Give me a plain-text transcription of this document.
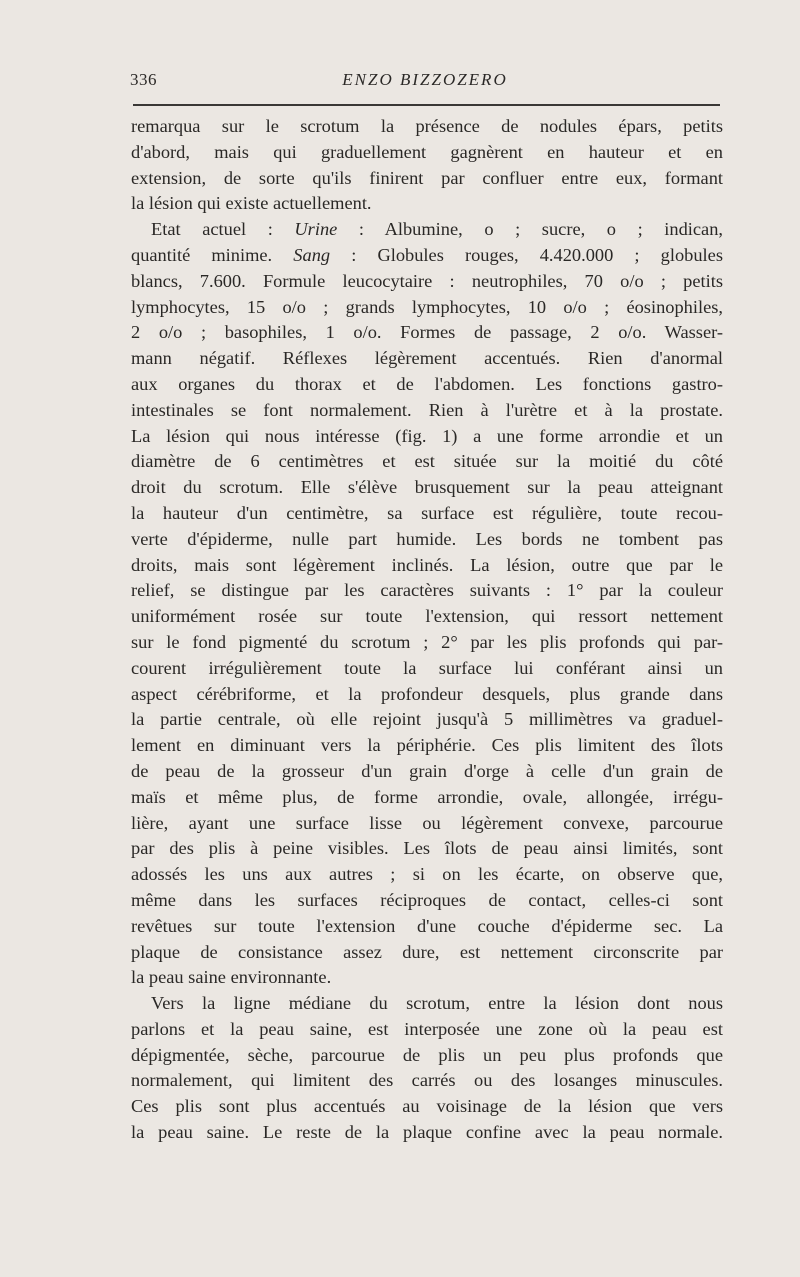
336	ENZO BIZZOZERO
remarqua sur le scrotum la présence de nodules épars, petits
d'abord, mais qui graduellement gagnèrent en hauteur et en
extension, de sorte qu'ils finirent par confluer entre eux, formant
la lésion qui existe actuellement.
Etat actuel : Urine : Albumine, o ; sucre, o ; indican,
quantité minime. Sang : Globules rouges, 4.420.000 ; globules
blancs, 7.600. Formule leucocytaire : neutrophiles, 70 o/o ; petits
lymphocytes, 15 o/o ; grands lymphocytes, 10 o/o ; éosinophiles,
2 o/o ; basophiles, 1 o/o. Formes de passage, 2 o/o. Wasser-
mann négatif. Réflexes légèrement accentués. Rien d'anormal
aux organes du thorax et de l'abdomen. Les fonctions gastro-
intestinales se font normalement. Rien à l'urètre et à la prostate.
La lésion qui nous intéresse (fig. 1) a une forme arrondie et un
diamètre de 6 centimètres et est située sur la moitié du côté
droit du scrotum. Elle s'élève brusquement sur la peau atteignant
la hauteur d'un centimètre, sa surface est régulière, toute recou-
verte d'épiderme, nulle part humide. Les bords ne tombent pas
droits, mais sont légèrement inclinés. La lésion, outre que par le
relief, se distingue par les caractères suivants : 1° par la couleur
uniformément rosée sur toute l'extension, qui ressort nettement
sur le fond pigmenté du scrotum ; 2° par les plis profonds qui par-
courent irrégulièrement toute la surface lui conférant ainsi un
aspect cérébriforme, et la profondeur desquels, plus grande dans
la partie centrale, où elle rejoint jusqu'à 5 millimètres va graduel-
lement en diminuant vers la périphérie. Ces plis limitent des îlots
de peau de la grosseur d'un grain d'orge à celle d'un grain de
maïs et même plus, de forme arrondie, ovale, allongée, irrégu-
lière, ayant une surface lisse ou légèrement convexe, parcourue
par des plis à peine visibles. Les îlots de peau ainsi limités, sont
adossés les uns aux autres ; si on les écarte, on observe que,
même dans les surfaces réciproques de contact, celles-ci sont
revêtues sur toute l'extension d'une couche d'épiderme sec. La
plaque de consistance assez dure, est nettement circonscrite par
la peau saine environnante.
Vers la ligne médiane du scrotum, entre la lésion dont nous
parlons et la peau saine, est interposée une zone où la peau est
dépigmentée, sèche, parcourue de plis un peu plus profonds que
normalement, qui limitent des carrés ou des losanges minuscules.
Ces plis sont plus accentués au voisinage de la lésion que vers
la peau saine. Le reste de la plaque confine avec la peau normale.
